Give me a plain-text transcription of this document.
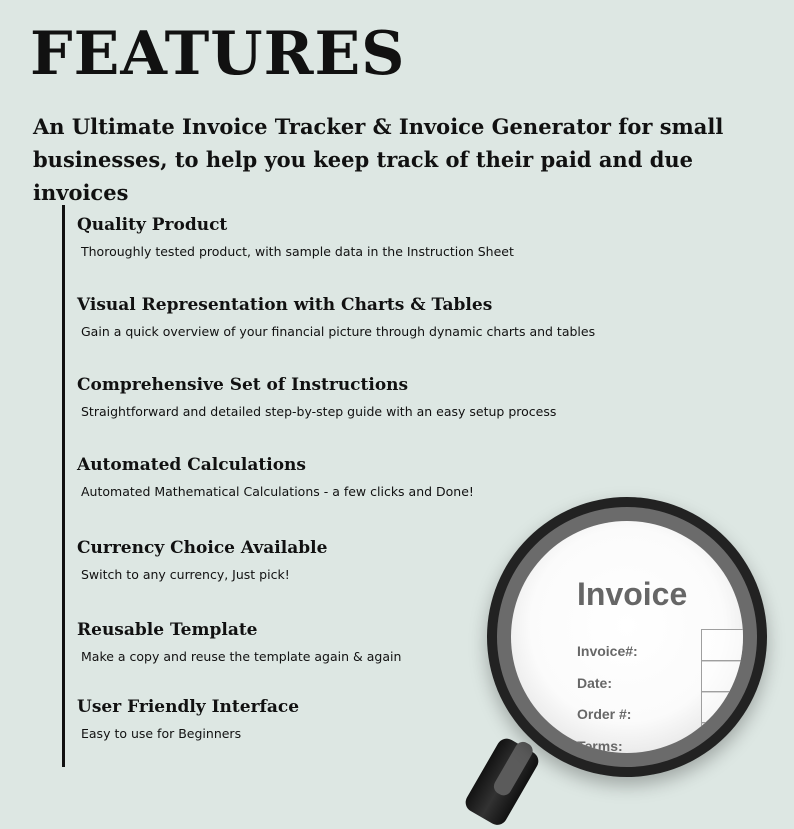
FEATURES

An Ultimate Invoice Tracker & Invoice Generator for small businesses, to help you keep track of their paid and due invoices

Quality Product

Thoroughly tested product, with sample data in the Instruction Sheet

Visual Representation with Charts & Tables

Gain a quick overview of your financial picture through dynamic charts and tables

Comprehensive Set of Instructions

Straightforward and detailed step-by-step guide with an easy setup process

Automated Calculations

Automated Mathematical Calculations - a few clicks and Done!

Currency Choice Available

Switch to any currency, Just pick!

Reusable Template

Make a copy and reuse the template again & again

User Friendly Interface

Easy to use for Beginners

Invoice
Invoice#:
Date:
Order #:
Terms:
